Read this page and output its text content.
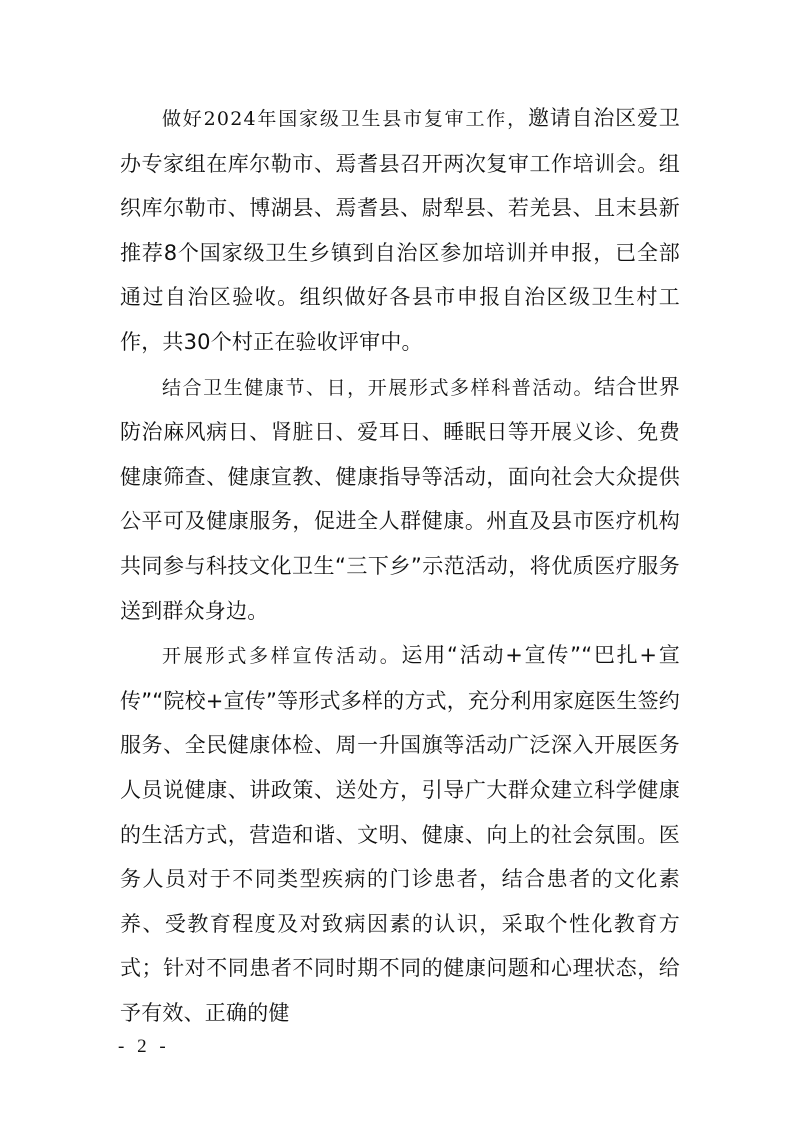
做好2024年国家级卫生县市复审工作，邀请自治区爱卫办专家组在库尔勒市、焉耆县召开两次复审工作培训会。组织库尔勒市、博湖县、焉耆县、尉犁县、若羌县、且末县新推荐8个国家级卫生乡镇到自治区参加培训并申报，已全部通过自治区验收。组织做好各县市申报自治区级卫生村工作，共30个村正在验收评审中。

结合卫生健康节、日，开展形式多样科普活动。结合世界防治麻风病日、肾脏日、爱耳日、睡眠日等开展义诊、免费健康筛查、健康宣教、健康指导等活动，面向社会大众提供公平可及健康服务，促进全人群健康。州直及县市医疗机构共同参与科技文化卫生“三下乡”示范活动，将优质医疗服务送到群众身边。

开展形式多样宣传活动。运用“活动+宣传”“巴扎+宣传”“院校+宣传”等形式多样的方式，充分利用家庭医生签约服务、全民健康体检、周一升国旗等活动广泛深入开展医务人员说健康、讲政策、送处方，引导广大群众建立科学健康的生活方式，营造和谐、文明、健康、向上的社会氛围。医务人员对于不同类型疾病的门诊患者，结合患者的文化素养、受教育程度及对致病因素的认识，采取个性化教育方式；针对不同患者不同时期不同的健康问题和心理状态，给予有效、正确的健

- 2 -
